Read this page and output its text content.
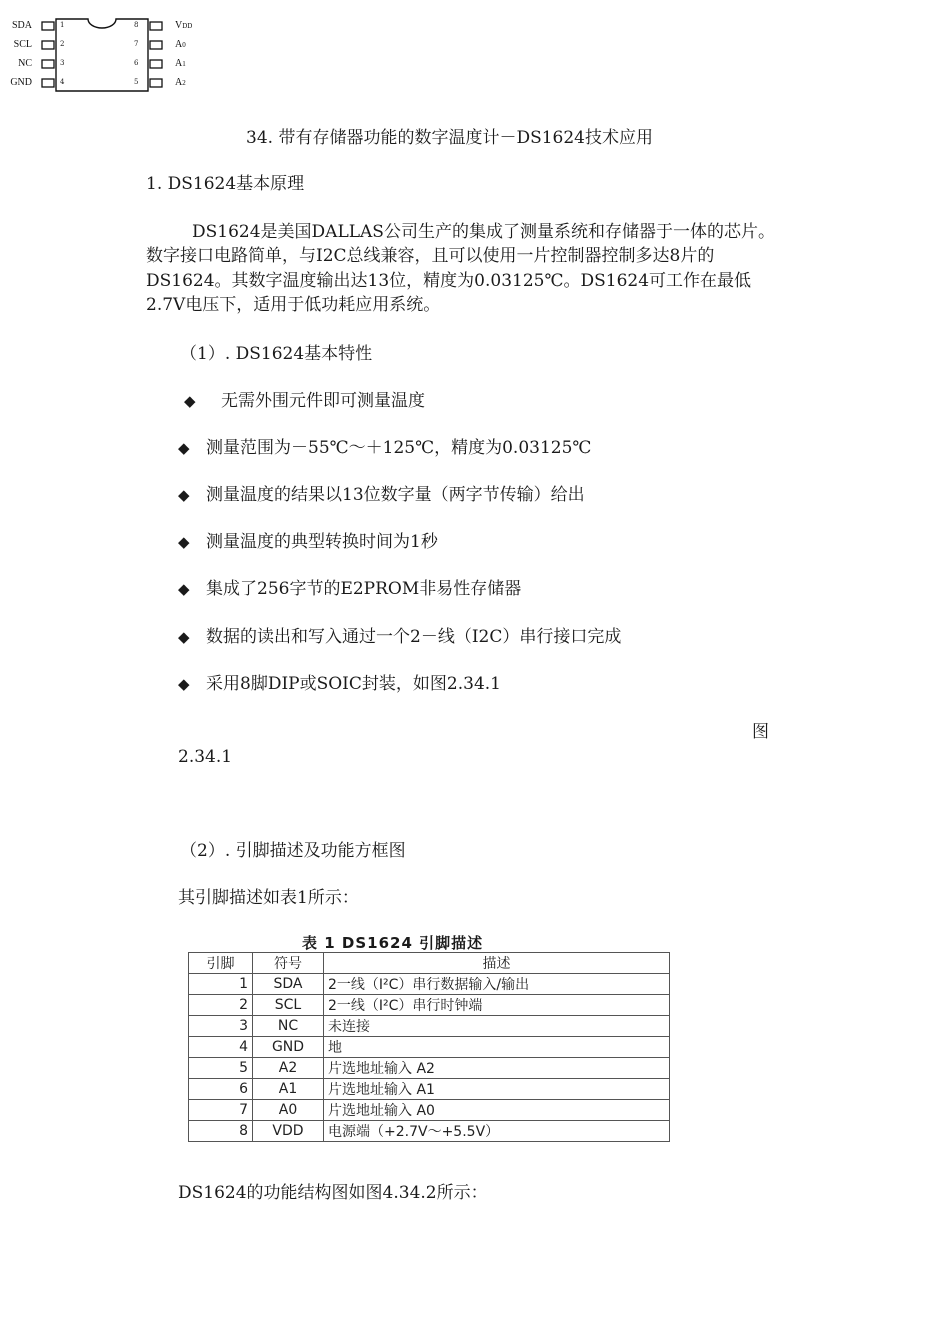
SDA
SCL
NC
GND
1
2
3
4
8
7
6
5
VDD
A0
A1
A2
34. 带有存储器功能的数字温度计－DS1624技术应用
1. DS1624基本原理
DS1624是美国DALLAS公司生产的集成了测量系统和存储器于一体的芯片。
数字接口电路简单，与I2C总线兼容，且可以使用一片控制器控制多达8片的
DS1624。其数字温度输出达13位，精度为0.03125℃。DS1624可工作在最低
2.7V电压下，适用于低功耗应用系统。
（1）. DS1624基本特性
◆ 无需外围元件即可测量温度
◆ 测量范围为－55℃～＋125℃，精度为0.03125℃
◆ 测量温度的结果以13位数字量（两字节传输）给出
◆ 测量温度的典型转换时间为1秒
◆ 集成了256字节的E2PROM非易性存储器
◆ 数据的读出和写入通过一个2－线（I2C）串行接口完成
◆ 采用8脚DIP或SOIC封装，如图2.34.1
图
2.34.1
（2）. 引脚描述及功能方框图
其引脚描述如表1所示：
表 1 DS1624 引脚描述
引脚	符号	描述
1	SDA	2一线（I²C）串行数据输入/输出
2	SCL	2一线（I²C）串行时钟端
3	NC	未连接
4	GND	地
5	A2	片选地址输入 A2
6	A1	片选地址输入 A1
7	A0	片选地址输入 A0
8	VDD	电源端（+2.7V～+5.5V）
DS1624的功能结构图如图4.34.2所示：
